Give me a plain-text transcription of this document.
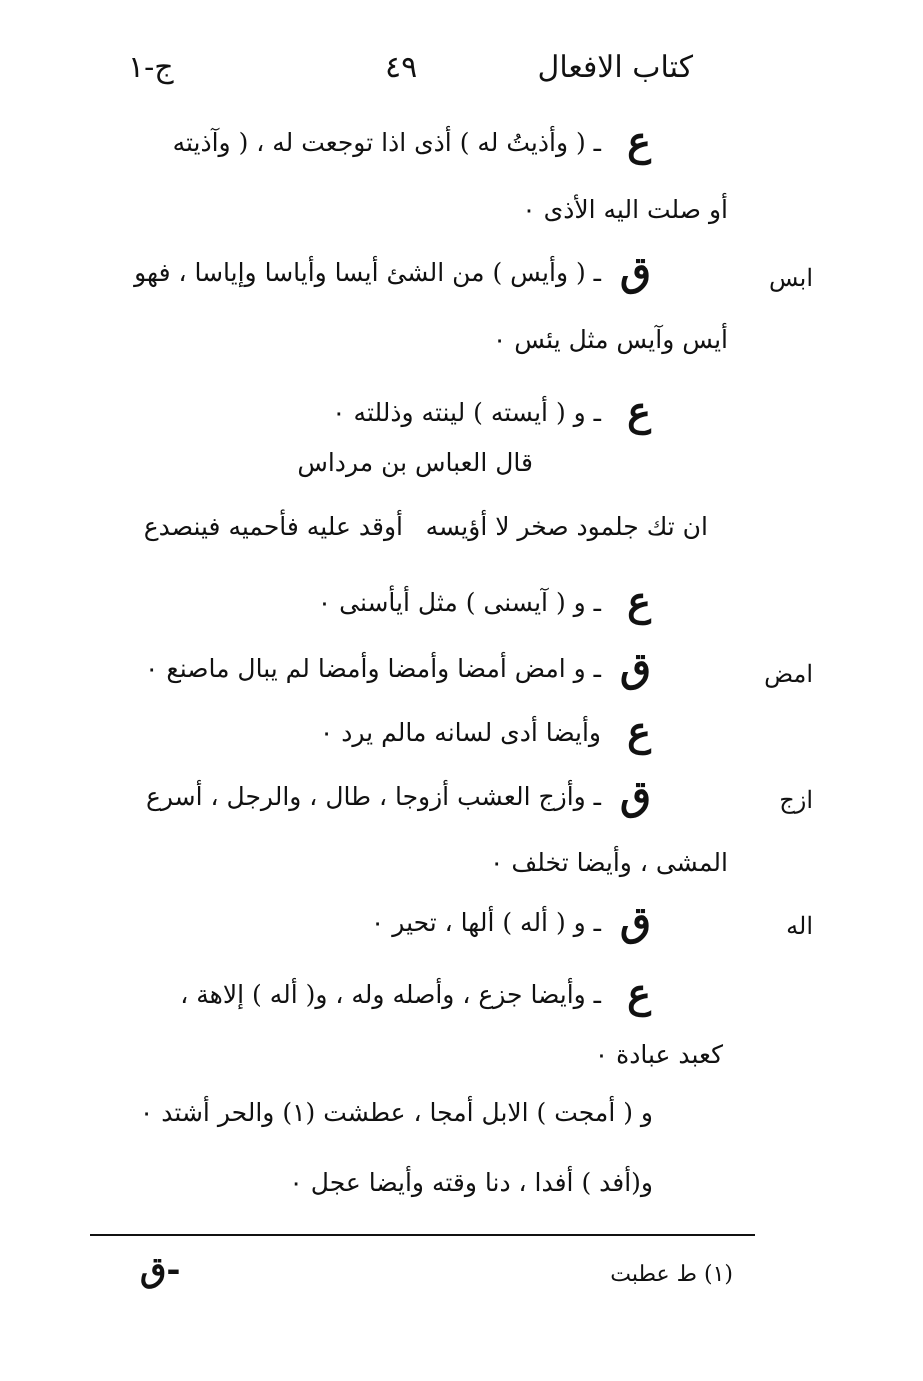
ج-١	٤٩	كتاب الافعال
ع
ـ ( وأذيتُ له ) أذى اذا توجعت له ، ( وآذيته
أو صلت اليه الأذى ٠
ابس
ق
ـ ( وأيس ) من الشئ أيسا وأياسا وإياسا ، فهو
أيس وآيس مثل يئس ٠
ع
ـ و ( أيسته ) لينته وذللته ٠
قال العباس بن مرداس
ان تك جلمود صخر لا أؤيسه
أوقد عليه فأحميه فينصدع
ع
ـ و ( آيسنى ) مثل أيأسنى ٠
امض
ق
ـ و امض أمضا وأمضا وأمضا لم يبال ماصنع ٠
ع
وأيضا أدى لسانه مالم يرد ٠
ازج
ق
ـ وأزج العشب أزوجا ، طال ، والرجل ، أسرع
المشى ، وأيضا تخلف ٠
اله
ق
ـ و ( أله ) ألها ، تحير ٠
ع
ـ وأيضا جزع ، وأصله وله ، و( أله ) إلاهة ،
كعبد عبادة ٠
و ( أمجت ) الابل أمجا ، عطشت (١) والحر أشتد ٠
و(أفد ) أفدا ، دنا وقته وأيضا عجل ٠
(١) ط عطبت
ق-
